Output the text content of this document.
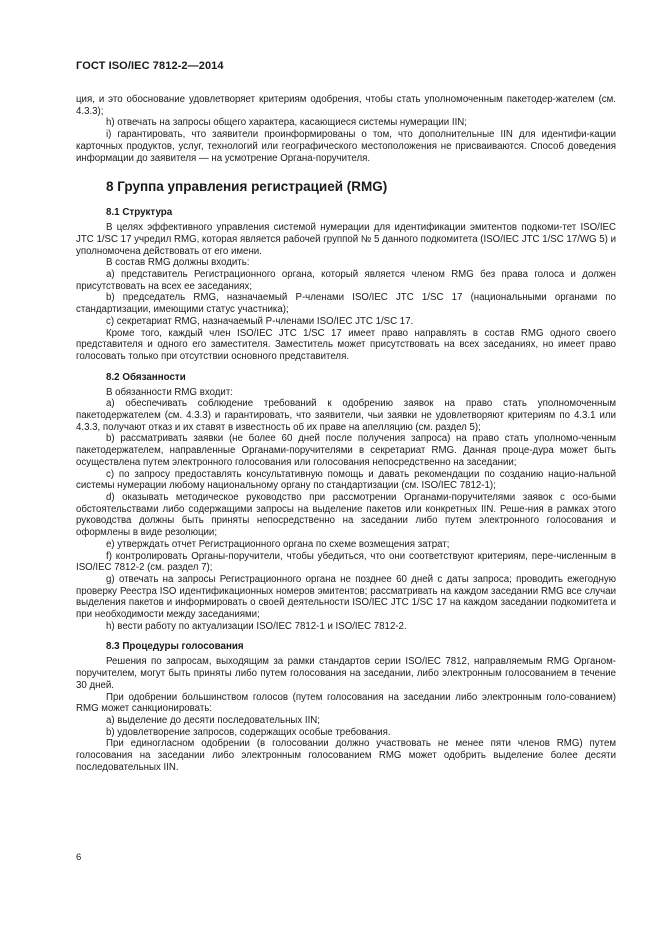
ГОСТ ISO/IEC 7812-2—2014

ция, и это обоснование удовлетворяет критериям одобрения, чтобы стать уполномоченным пакетодер-жателем (см. 4.3.3);

h) отвечать на запросы общего характера, касающиеся системы нумерации IIN;

i) гарантировать, что заявители проинформированы о том, что дополнительные IIN для идентифи-кации карточных продуктов, услуг, технологий или географического местоположения не присваиваются. Способ доведения информации до заявителя — на усмотрение Органа-поручителя.

8 Группа управления регистрацией (RMG)
8.1 Структура

В целях эффективного управления системой нумерации для идентификации эмитентов подкоми-тет ISO/IEC JTC 1/SC 17 учредил RMG, которая является рабочей группой № 5 данного подкомитета (ISO/IEC JTC 1/SC 17/WG 5) и уполномочена действовать от его имени.

В состав RMG должны входить:

a) представитель Регистрационного органа, который является членом RMG без права голоса и должен присутствовать на всех ее заседаниях;

b) председатель RMG, назначаемый Р-членами ISO/IEC JTC 1/SC 17 (национальными органами по стандартизации, имеющими статус участника);

c) секретариат RMG, назначаемый Р-членами ISO/IEC JTC 1/SC 17.

Кроме того, каждый член ISO/IEC JTC 1/SC 17 имеет право направлять в состав RMG одного своего представителя и одного его заместителя. Заместитель может присутствовать на всех заседаниях, но имеет право голосовать только при отсутствии основного представителя.

8.2 Обязанности

В обязанности RMG входит:

a) обеспечивать соблюдение требований к одобрению заявок на право стать уполномоченным пакетодержателем (см. 4.3.3) и гарантировать, что заявители, чьи заявки не удовлетворяют критериям по 4.3.1 или 4.3.3, получают отказ и их ставят в известность об их праве на апелляцию (см. раздел 5);

b) рассматривать заявки (не более 60 дней после получения запроса) на право стать уполномо-ченным пакетодержателем, направленные Органами-поручителями в секретариат RMG. Данная проце-дура может быть осуществлена путем электронного голосования или голосования непосредственно на заседании;

c) по запросу предоставлять консультативную помощь и давать рекомендации по созданию нацио-нальной системы нумерации любому национальному органу по стандартизации (см. ISO/IEC 7812-1);

d) оказывать методическое руководство при рассмотрении Органами-поручителями заявок с осо-быми обстоятельствами либо содержащими запросы на выделение пакетов или конкретных IIN. Реше-ния в рамках этого руководства должны быть приняты непосредственно на заседании либо путем электронного голосования и оформлены в виде резолюции;

e) утверждать отчет Регистрационного органа по схеме возмещения затрат;

f) контролировать Органы-поручители, чтобы убедиться, что они соответствуют критериям, пере-численным в ISO/IEC 7812-2 (см. раздел 7);

g) отвечать на запросы Регистрационного органа не позднее 60 дней с даты запроса; проводить ежегодную проверку Реестра ISO идентификационных номеров эмитентов; рассматривать на каждом заседании RMG все случаи выделения пакетов и информировать о своей деятельности ISO/IEC JTC 1/SC 17 на каждом заседании подкомитета и при необходимости между заседаниями;

h) вести работу по актуализации ISO/IEC 7812-1 и ISO/IEC 7812-2.

8.3 Процедуры голосования

Решения по запросам, выходящим за рамки стандартов серии ISO/IEC 7812, направляемым RMG Органом-поручителем, могут быть приняты либо путем голосования на заседании, либо электронным голосованием в течение 30 дней.

При одобрении большинством голосов (путем голосования на заседании либо электронным голо-сованием) RMG может санкционировать:

a) выделение до десяти последовательных IIN;

b) удовлетворение запросов, содержащих особые требования.

При единогласном одобрении (в голосовании должно участвовать не менее пяти членов RMG) путем голосования на заседании либо электронным голосованием RMG может одобрить выделение более десяти последовательных IIN.

6
